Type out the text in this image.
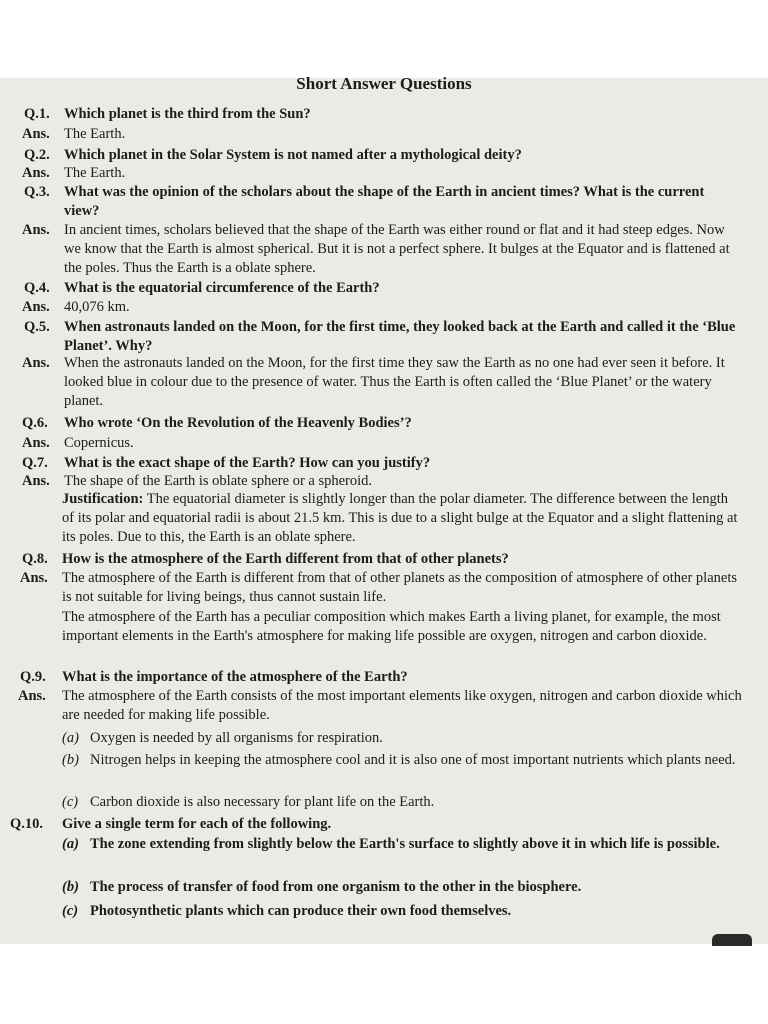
Short Answer Questions
Q.1. Which planet is the third from the Sun?
Ans. The Earth.
Q.2. Which planet in the Solar System is not named after a mythological deity?
Ans. The Earth.
Q.3. What was the opinion of the scholars about the shape of the Earth in ancient times? What is the current view?
Ans. In ancient times, scholars believed that the shape of the Earth was either round or flat and it had steep edges. Now we know that the Earth is almost spherical. But it is not a perfect sphere. It bulges at the Equator and is flattened at the poles. Thus the Earth is a oblate sphere.
Q.4. What is the equatorial circumference of the Earth?
Ans. 40,076 km.
Q.5. When astronauts landed on the Moon, for the first time, they looked back at the Earth and called it the ‘Blue Planet’. Why?
Ans. When the astronauts landed on the Moon, for the first time they saw the Earth as no one had ever seen it before. It looked blue in colour due to the presence of water. Thus the Earth is often called the ‘Blue Planet’ or the watery planet.
Q.6. Who wrote ‘On the Revolution of the Heavenly Bodies’?
Ans. Copernicus.
Q.7. What is the exact shape of the Earth? How can you justify?
Ans. The shape of the Earth is oblate sphere or a spheroid.
Justification: The equatorial diameter is slightly longer than the polar diameter. The difference between the length of its polar and equatorial radii is about 21.5 km. This is due to a slight bulge at the Equator and a slight flattening at its poles. Due to this, the Earth is an oblate sphere.
Q.8. How is the atmosphere of the Earth different from that of other planets?
Ans. The atmosphere of the Earth is different from that of other planets as the composition of atmosphere of other planets is not suitable for living beings, thus cannot sustain life.
The atmosphere of the Earth has a peculiar composition which makes Earth a living planet, for example, the most important elements in the Earth's atmosphere for making life possible are oxygen, nitrogen and carbon dioxide.
Q.9. What is the importance of the atmosphere of the Earth?
Ans. The atmosphere of the Earth consists of the most important elements like oxygen, nitrogen and carbon dioxide which are needed for making life possible.
(a) Oxygen is needed by all organisms for respiration.
(b) Nitrogen helps in keeping the atmosphere cool and it is also one of most important nutrients which plants need.
(c) Carbon dioxide is also necessary for plant life on the Earth.
Q.10. Give a single term for each of the following.
(a) The zone extending from slightly below the Earth's surface to slightly above it in which life is possible.
(b) The process of transfer of food from one organism to the other in the biosphere.
(c) Photosynthetic plants which can produce their own food themselves.
